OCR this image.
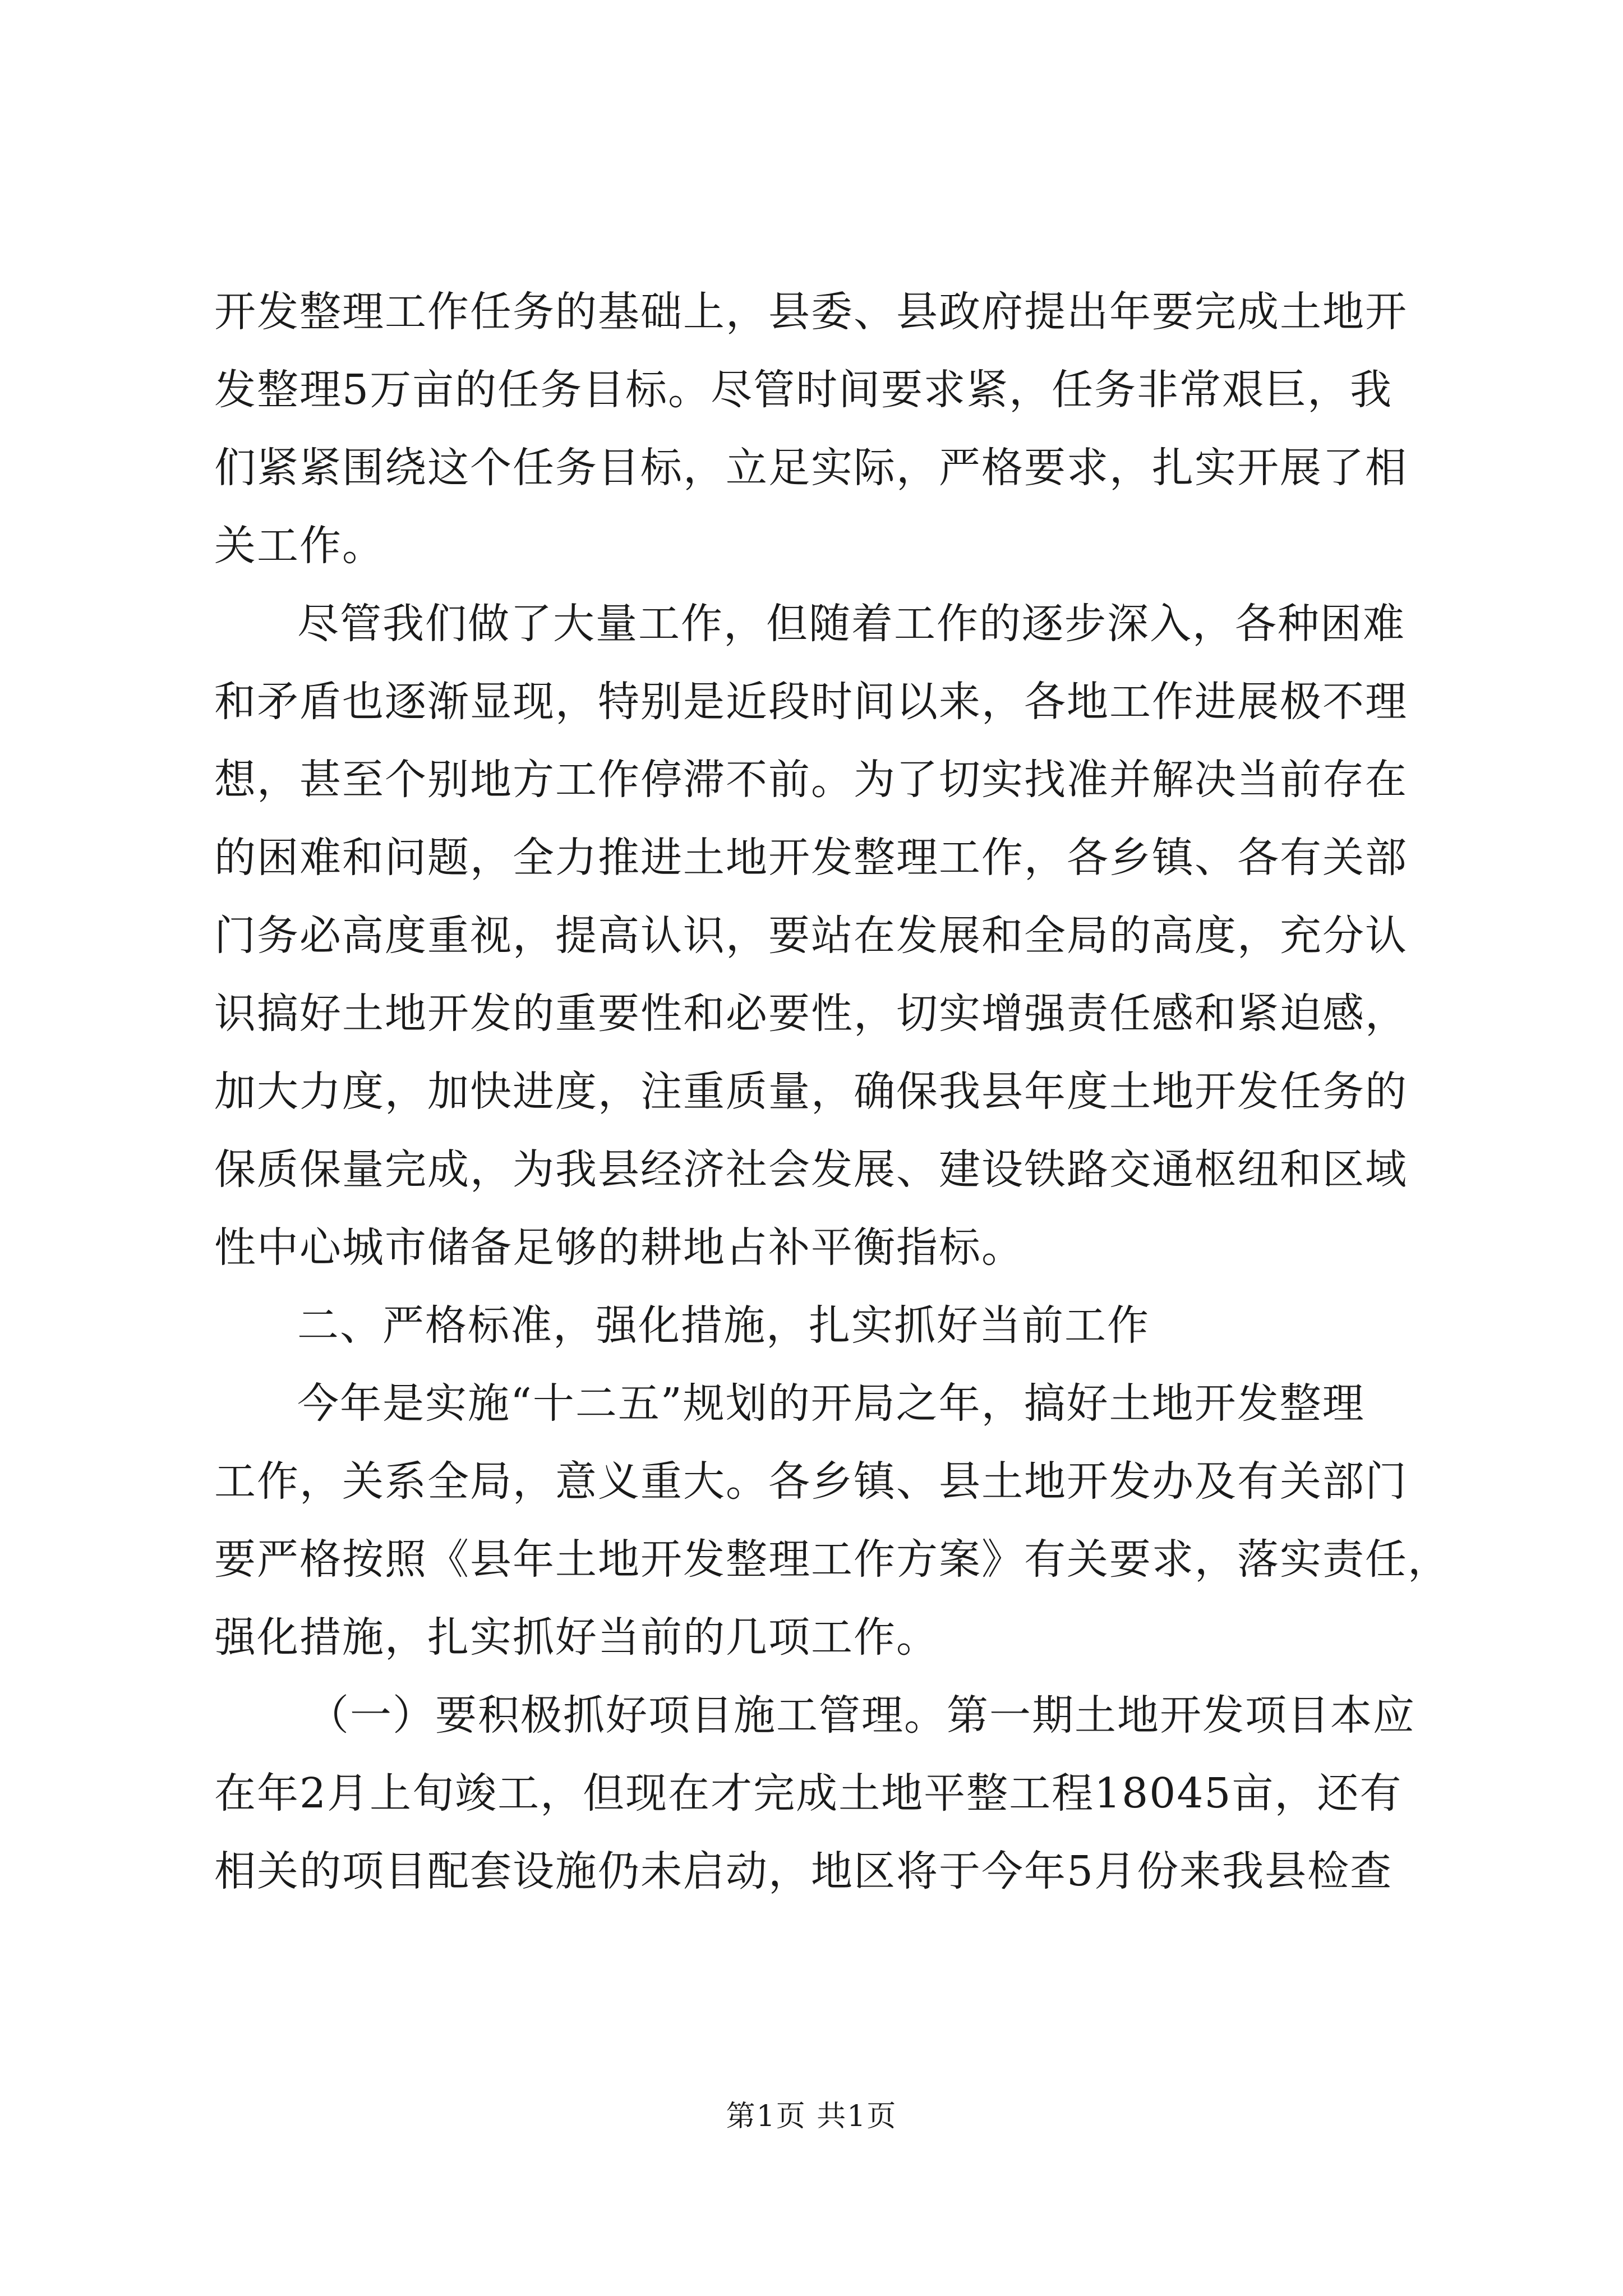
开发整理工作任务的基础上，县委、县政府提出年要完成土地开
发整理5万亩的任务目标。尽管时间要求紧，任务非常艰巨，我
们紧紧围绕这个任务目标，立足实际，严格要求，扎实开展了相
关工作。
尽管我们做了大量工作，但随着工作的逐步深入，各种困难
和矛盾也逐渐显现，特别是近段时间以来，各地工作进展极不理
想，甚至个别地方工作停滞不前。为了切实找准并解决当前存在
的困难和问题，全力推进土地开发整理工作，各乡镇、各有关部
门务必高度重视，提高认识，要站在发展和全局的高度，充分认
识搞好土地开发的重要性和必要性，切实增强责任感和紧迫感，
加大力度，加快进度，注重质量，确保我县年度土地开发任务的
保质保量完成，为我县经济社会发展、建设铁路交通枢纽和区域
性中心城市储备足够的耕地占补平衡指标。
二、严格标准，强化措施，扎实抓好当前工作
今年是实施“十二五”规划的开局之年，搞好土地开发整理
工作，关系全局，意义重大。各乡镇、县土地开发办及有关部门
要严格按照《县年土地开发整理工作方案》有关要求，落实责任，
强化措施，扎实抓好当前的几项工作。
（一）要积极抓好项目施工管理。第一期土地开发项目本应
在年2月上旬竣工，但现在才完成土地平整工程18045亩，还有
相关的项目配套设施仍未启动，地区将于今年5月份来我县检查
第1页 共1页
